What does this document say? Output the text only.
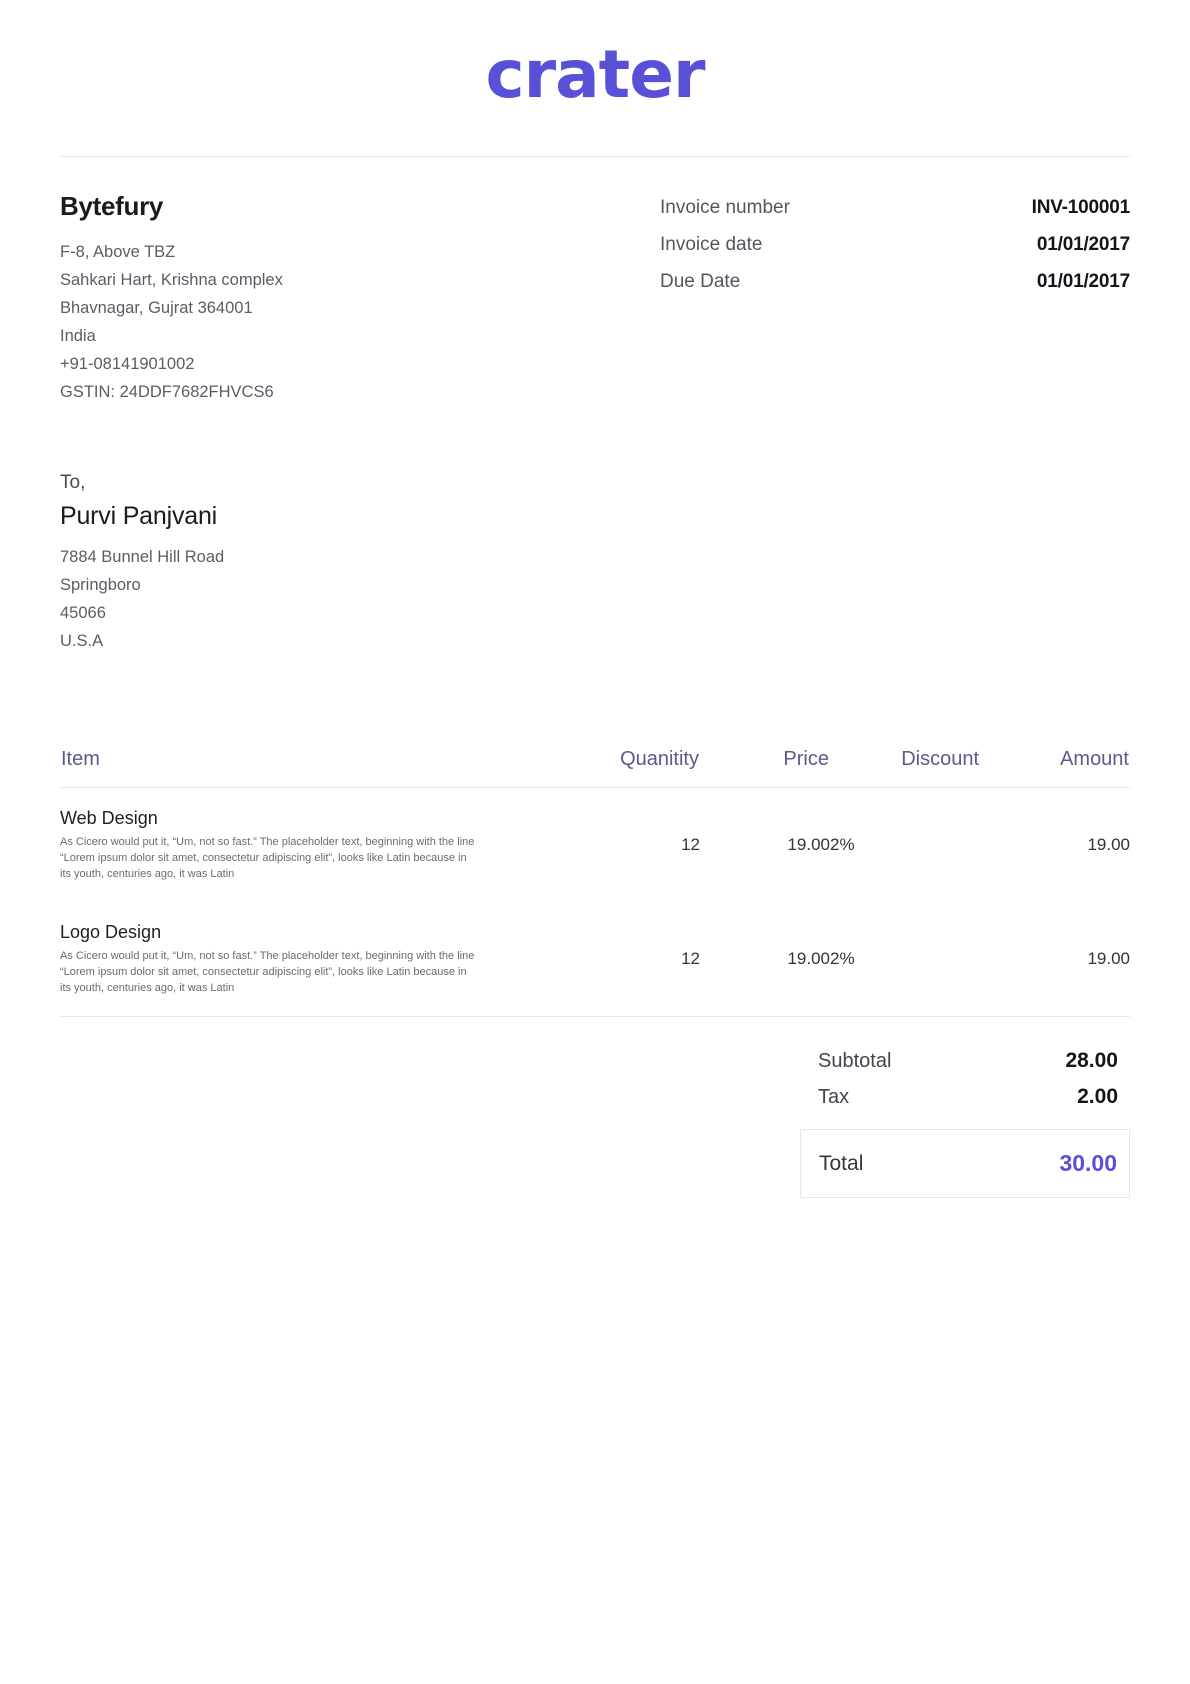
crater
Bytefury
F-8, Above TBZ
Sahkari Hart, Krishna complex
Bhavnagar, Gujrat 364001
India
+91-08141901002
GSTIN: 24DDF7682FHVCS6
Invoice number	INV-100001
Invoice date	01/01/2017
Due Date	01/01/2017
To,
Purvi Panjvani
7884 Bunnel Hill Road
Springboro
45066
U.S.A
Item	Quanitity	Price	Discount	Amount

Web Design
As Cicero would put it, “Um, not so fast.” The placeholder text, beginning with the line “Lorem ipsum dolor sit amet, consectetur adipiscing elit”, looks like Latin because in its youth, centuries ago, it was Latin	12	19.00	2%	19.00

Logo Design
As Cicero would put it, “Um, not so fast.” The placeholder text, beginning with the line “Lorem ipsum dolor sit amet, consectetur adipiscing elit”, looks like Latin because in its youth, centuries ago, it was Latin	12	19.00	2%	19.00
Subtotal	28.00
Tax	2.00
Total	30.00
